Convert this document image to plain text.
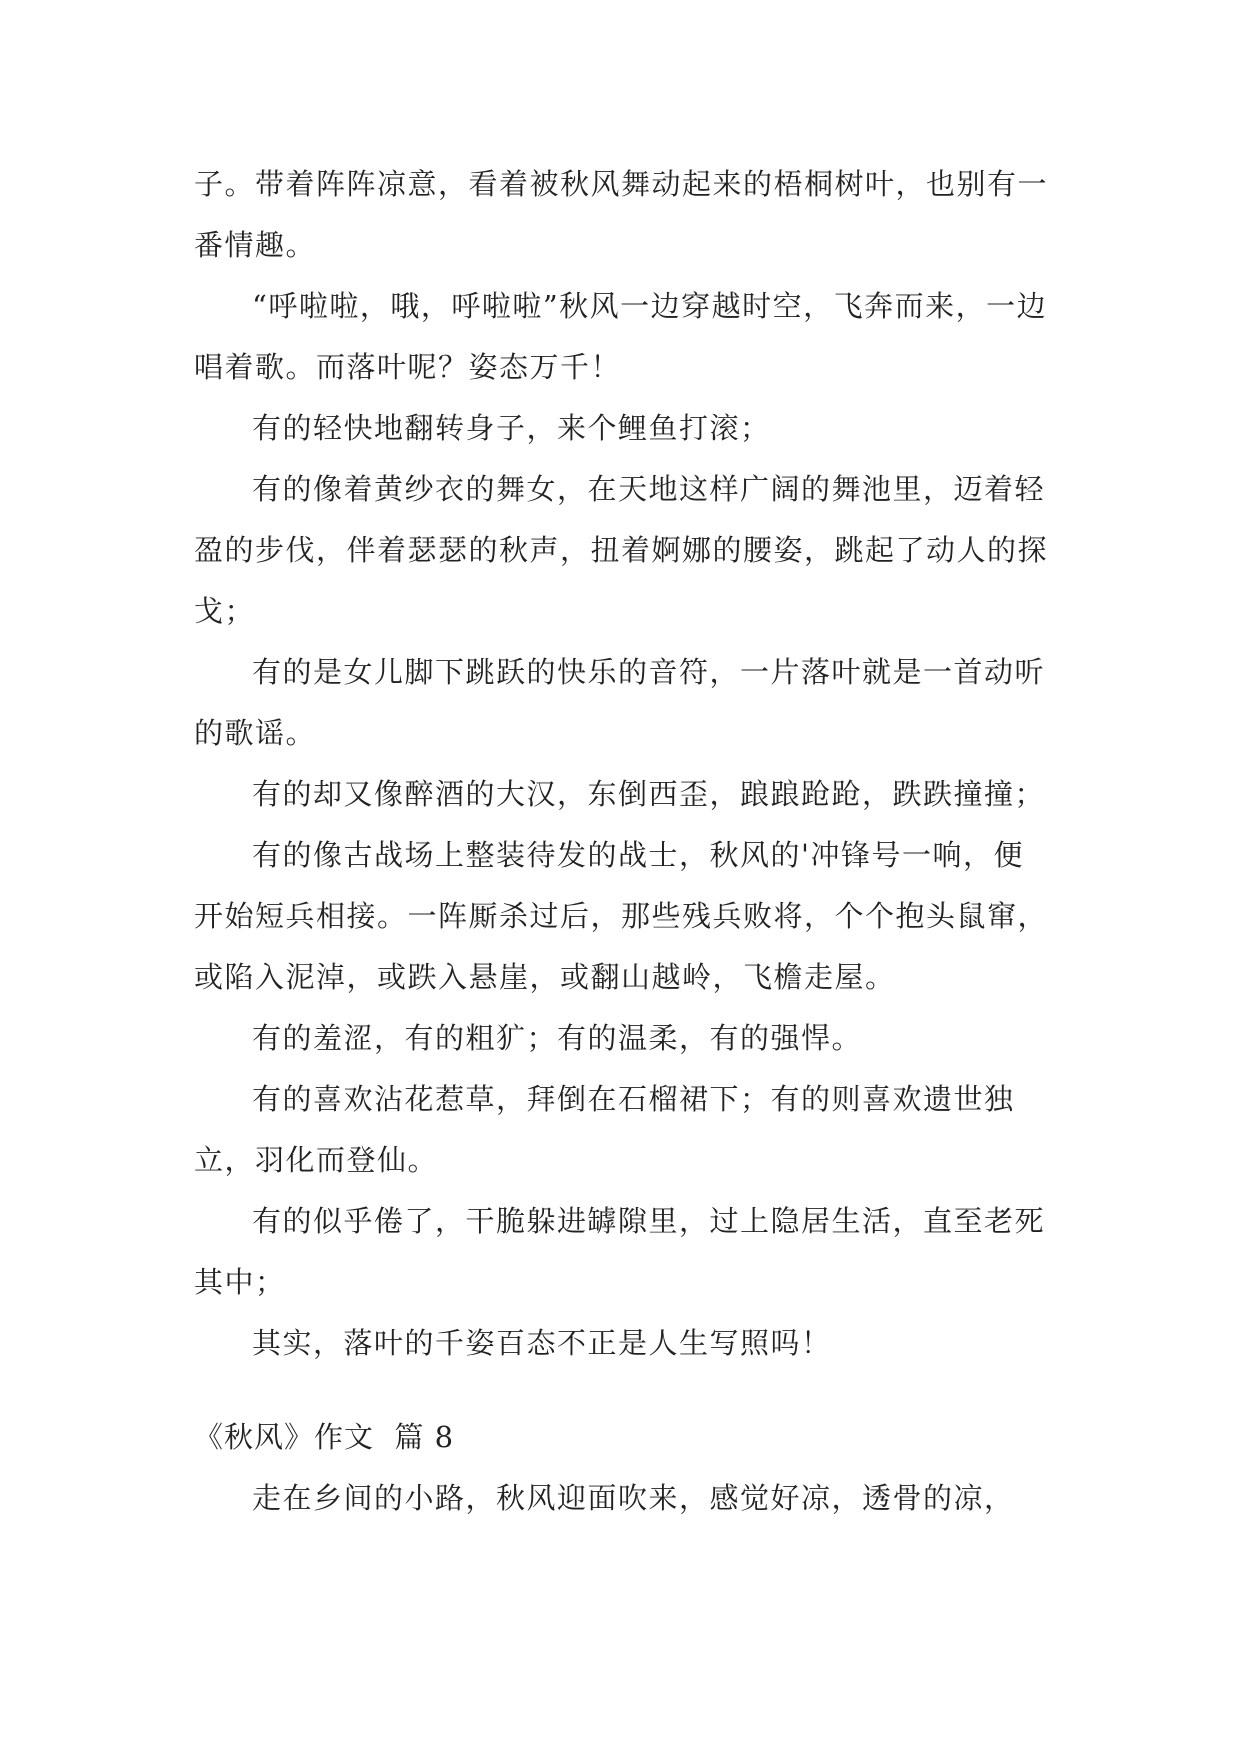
子。带着阵阵凉意，看着被秋风舞动起来的梧桐树叶，也别有一番情趣。

“呼啦啦，哦，呼啦啦”秋风一边穿越时空，飞奔而来，一边唱着歌。而落叶呢？姿态万千！

有的轻快地翻转身子，来个鲤鱼打滚；

有的像着黄纱衣的舞女，在天地这样广阔的舞池里，迈着轻盈的步伐，伴着瑟瑟的秋声，扭着婀娜的腰姿，跳起了动人的探戈；

有的是女儿脚下跳跃的快乐的音符，一片落叶就是一首动听的歌谣。

有的却又像醉酒的大汉，东倒西歪，踉踉跄跄，跌跌撞撞；

有的像古战场上整装待发的战士，秋风的'冲锋号一响，便开始短兵相接。一阵厮杀过后，那些残兵败将，个个抱头鼠窜，或陷入泥淖，或跌入悬崖，或翻山越岭，飞檐走屋。

有的羞涩，有的粗犷；有的温柔，有的强悍。

有的喜欢沾花惹草，拜倒在石榴裙下；有的则喜欢遗世独立，羽化而登仙。

有的似乎倦了，干脆躲进罅隙里，过上隐居生活，直至老死其中；

其实，落叶的千姿百态不正是人生写照吗！

《秋风》作文  篇 8

走在乡间的小路，秋风迎面吹来，感觉好凉，透骨的凉，
